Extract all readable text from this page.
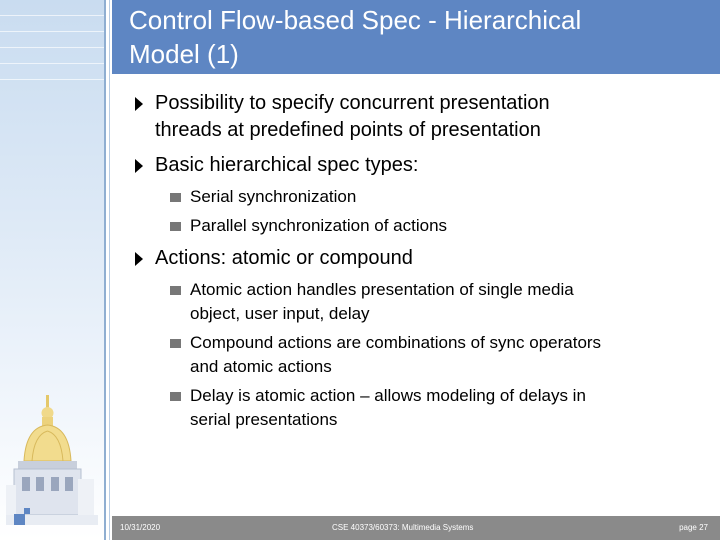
Control Flow-based Spec - Hierarchical
Model (1)
Possibility to specify concurrent presentation
threads at predefined points of presentation
Basic hierarchical spec types:
Serial synchronization
Parallel synchronization of actions
Actions: atomic or compound
Atomic action handles presentation of single media
object, user input, delay
Compound actions are combinations of sync operators
and atomic actions
Delay is atomic action – allows modeling of delays in
serial presentations
10/31/2020	CSE 40373/60373: Multimedia Systems	page 27
